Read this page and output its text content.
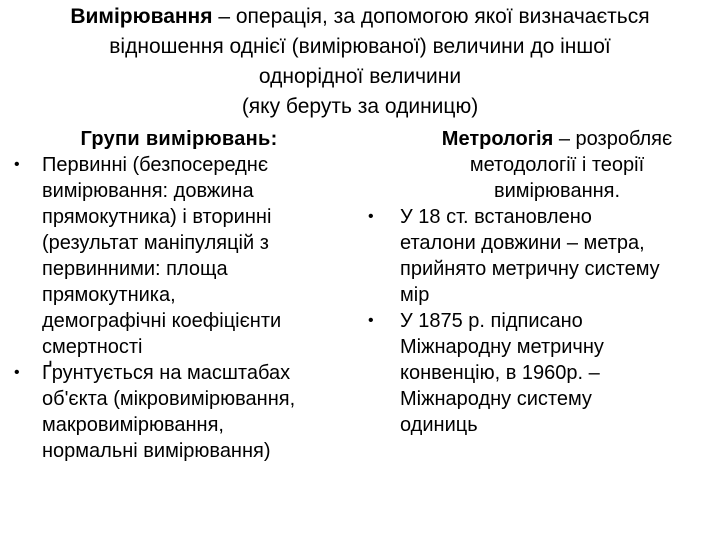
Вимірювання – операція, за допомогою якої визначається
відношення однієї (вимірюваної) величини до іншої
однорідної величини
(яку беруть за одиницю)
Групи вимірювань:
•	Первинні (безпосереднє
вимірювання: довжина
прямокутника) і вторинні
(результат маніпуляцій з
первинними: площа
прямокутника,
демографічні коефіцієнти
смертності
•	Ґрунтується на масштабах
об'єкта (мікровимірювання,
макровимірювання,
нормальні вимірювання)
Метрологія – розробляє
методології і теорії
вимірювання.
•	У 18 ст. встановлено
еталони довжини – метра,
прийнято метричну систему
мір
•	У 1875 р. підписано
Міжнародну метричну
конвенцію, в 1960р. –
Міжнародну систему
одиниць
